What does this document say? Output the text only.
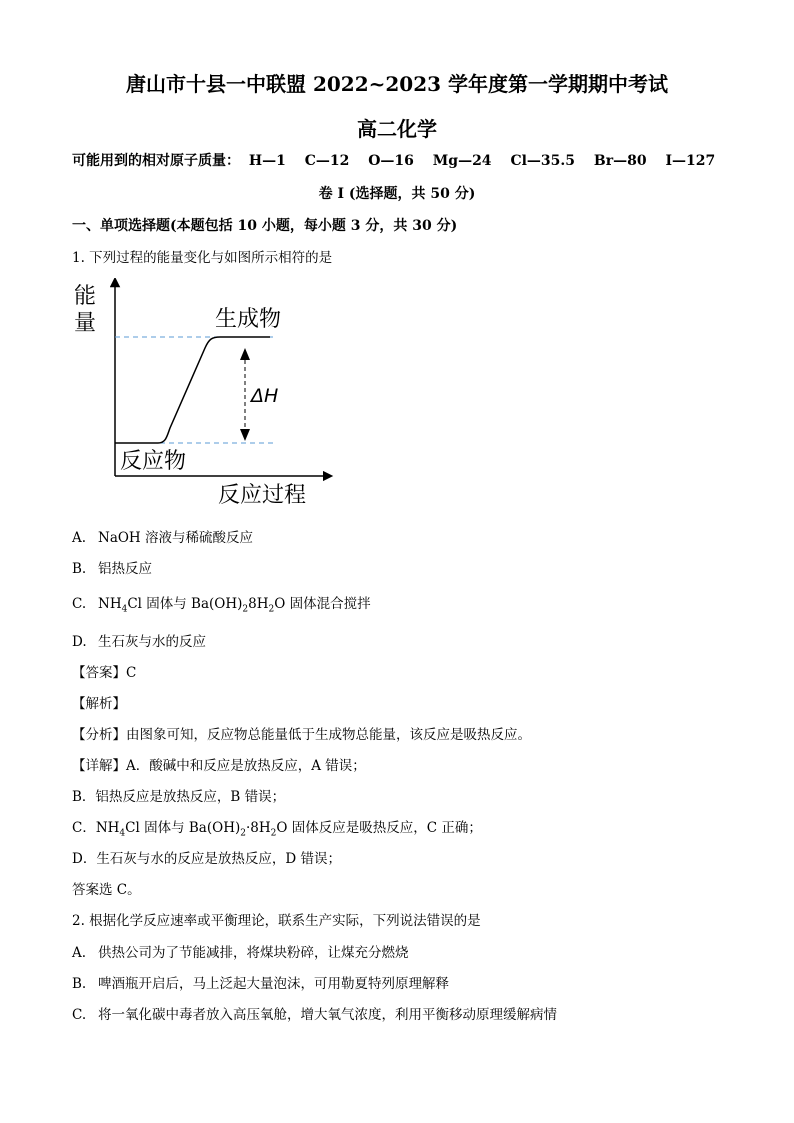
唐山市十县一中联盟 2022~2023 学年度第一学期期中考试
高二化学
可能用到的相对原子质量： H—1 C—12 O—16 Mg—24 Cl—35.5 Br—80 I—127
卷 I (选择题，共 50 分)
一、单项选择题(本题包括 10 小题，每小题 3 分，共 30 分)
1. 下列过程的能量变化与如图所示相符的是
能
量	生成物
反应物
ΔH
反应过程
A. NaOH 溶液与稀硫酸反应
B. 铝热反应
C. $NH_4Cl$ 固体与 $Ba(OH)_28H_2O$ 固体混合搅拌
D. 生石灰与水的反应
【答案】C
【解析】
【分析】由图象可知，反应物总能量低于生成物总能量，该反应是吸热反应。
【详解】A．酸碱中和反应是放热反应，A 错误；
B．铝热反应是放热反应，B 错误；
C．$NH_4Cl$ 固体与 $Ba(OH)_2\cdot 8H_2O$ 固体反应是吸热反应，C 正确；
D．生石灰与水的反应是放热反应，D 错误；
答案选 C。
2. 根据化学反应速率或平衡理论，联系生产实际，下列说法错误的是
A. 供热公司为了节能减排，将煤块粉碎，让煤充分燃烧
B. 啤酒瓶开启后，马上泛起大量泡沫，可用勒夏特列原理解释
C. 将一氧化碳中毒者放入高压氧舱，增大氧气浓度，利用平衡移动原理缓解病情
